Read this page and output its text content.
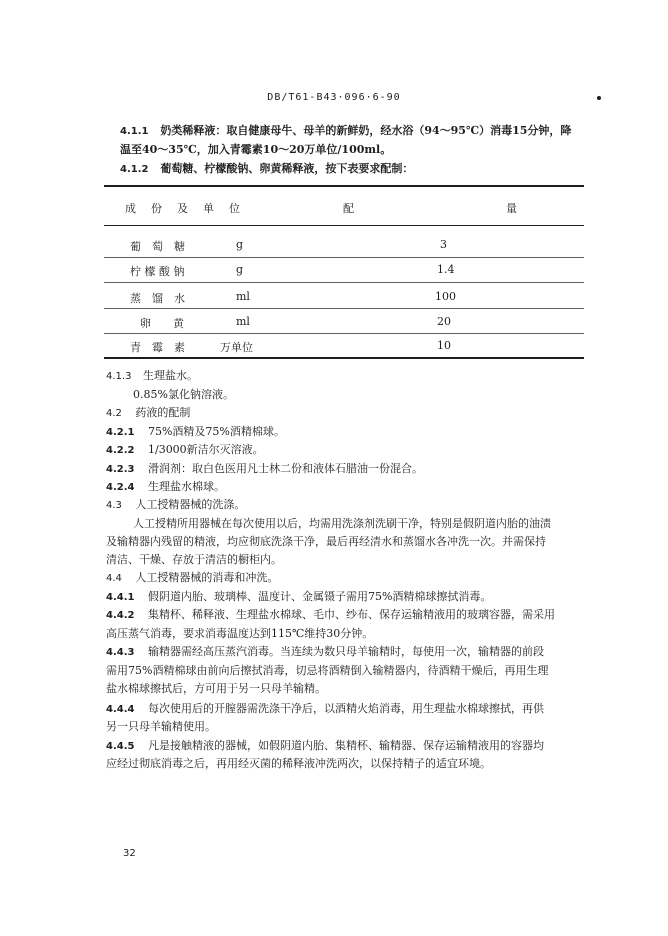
DB/T61-B43·096·6-90
4.1.1 奶类稀释液：取自健康母牛、母羊的新鲜奶，经水浴（94～95℃）消毒15分钟，降
温至40～35℃，加入青霉素10～20万单位/100ml。
4.1.2 葡萄糖、柠檬酸钠、卵黄稀释液，按下表要求配制：
成　份　及　单　位	配	量
葡　萄　糖	g	3
柠 檬 酸 钠	g	1.4
蒸　馏　水	ml	100
卵　　黄	ml	20
青　霉　素	万单位	10
4.1.3 生理盐水。
0.85%氯化钠溶液。
4.2 药液的配制
4.2.1 75%酒精及75%酒精棉球。
4.2.2 1/3000新洁尔灭溶液。
4.2.3 滑润剂：取白色医用凡士林二份和液体石腊油一份混合。
4.2.4 生理盐水棉球。
4.3 人工授精器械的洗涤。
人工授精所用器械在每次使用以后，均需用洗涤剂洗刷干净，特别是假阴道内胎的油渍
及输精器内残留的精液，均应彻底洗涤干净，最后再经清水和蒸馏水各冲洗一次。并需保持
清洁、干燥、存放于清洁的橱柜内。
4.4 人工授精器械的消毒和冲洗。
4.4.1 假阴道内胎、玻璃棒、温度计、金属镊子需用75%酒精棉球擦拭消毒。
4.4.2 集精杯、稀释液、生理盐水棉球、毛巾、纱布、保存运输精液用的玻璃容器，需采用
高压蒸气消毒，要求消毒温度达到115℃维持30分钟。
4.4.3 输精器需经高压蒸汽消毒。当连续为数只母羊输精时，每使用一次，输精器的前段
需用75%酒精棉球由前向后擦拭消毒，切忌将酒精倒入输精器内，待酒精干燥后，再用生理
盐水棉球擦拭后，方可用于另一只母羊输精。
4.4.4 每次使用后的开膣器需洗涤干净后，以酒精火焰消毒，用生理盐水棉球擦拭，再供
另一只母羊输精使用。
4.4.5 凡是接触精液的器械，如假阴道内胎、集精杯、输精器、保存运输精液用的容器均
应经过彻底消毒之后，再用经灭菌的稀释液冲洗两次，以保持精子的适宜环境。
32
